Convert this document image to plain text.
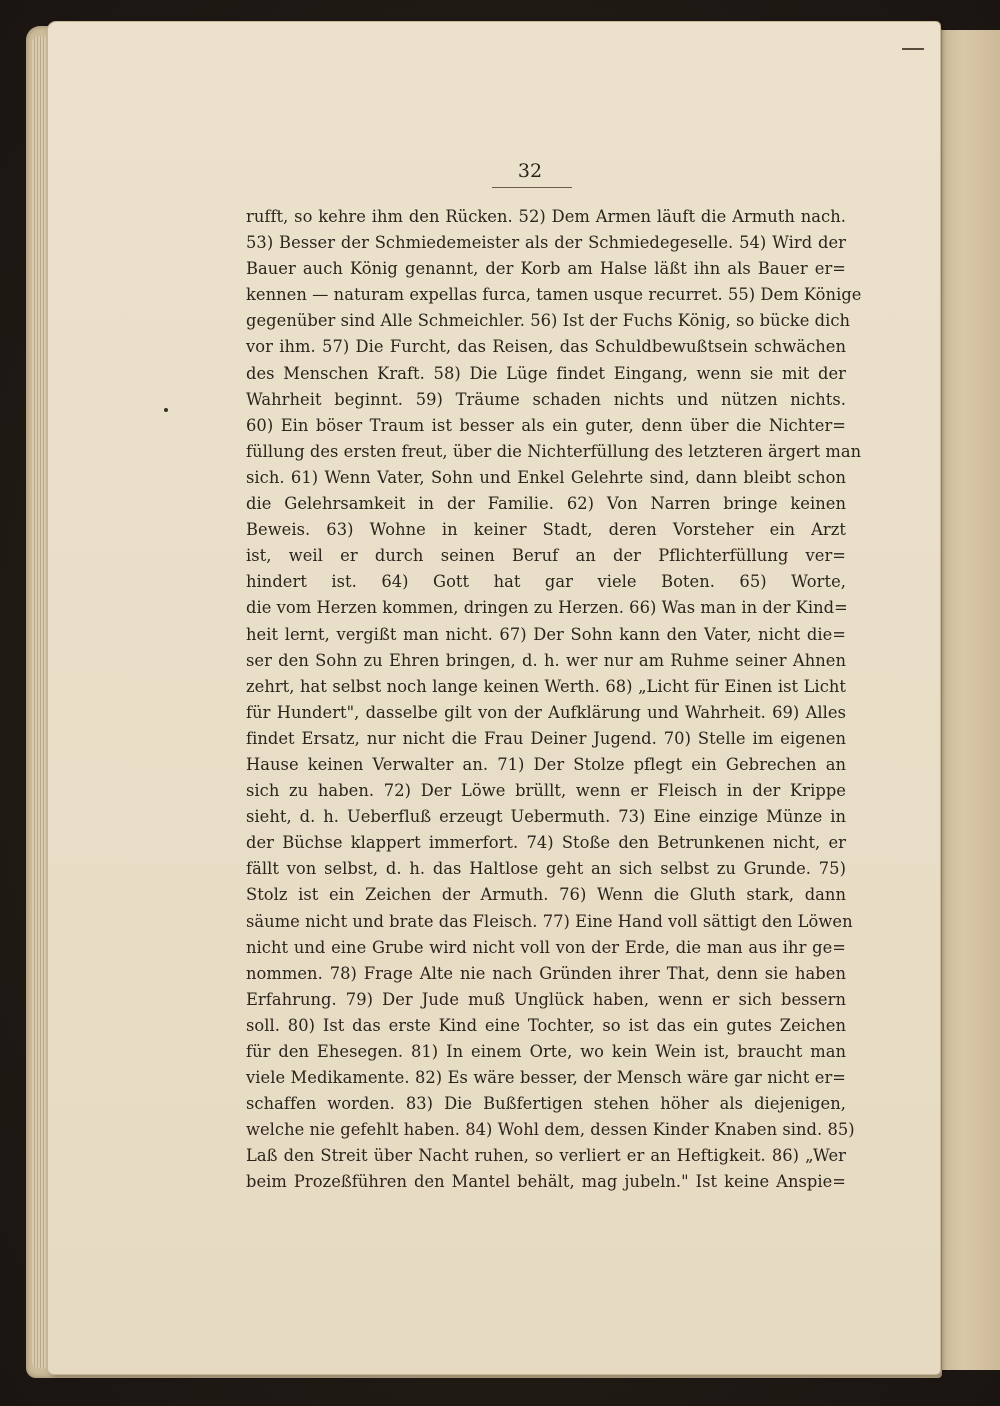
32
rufft, so kehre ihm den Rücken. 52) Dem Armen läuft die Armuth nach.
53) Besser der Schmiedemeister als der Schmiedegeselle. 54) Wird der
Bauer auch König genannt, der Korb am Halse läßt ihn als Bauer er=
kennen — naturam expellas furca, tamen usque recurret. 55) Dem Könige
gegenüber sind Alle Schmeichler. 56) Ist der Fuchs König, so bücke dich
vor ihm. 57) Die Furcht, das Reisen, das Schuldbewußtsein schwächen
des Menschen Kraft. 58) Die Lüge findet Eingang, wenn sie mit der
Wahrheit beginnt. 59) Träume schaden nichts und nützen nichts.
60) Ein böser Traum ist besser als ein guter, denn über die Nichter=
füllung des ersten freut, über die Nichterfüllung des letzteren ärgert man
sich. 61) Wenn Vater, Sohn und Enkel Gelehrte sind, dann bleibt schon
die Gelehrsamkeit in der Familie. 62) Von Narren bringe keinen
Beweis. 63) Wohne in keiner Stadt, deren Vorsteher ein Arzt
ist, weil er durch seinen Beruf an der Pflichterfüllung ver=
hindert ist. 64) Gott hat gar viele Boten. 65) Worte,
die vom Herzen kommen, dringen zu Herzen. 66) Was man in der Kind=
heit lernt, vergißt man nicht. 67) Der Sohn kann den Vater, nicht die=
ser den Sohn zu Ehren bringen, d. h. wer nur am Ruhme seiner Ahnen
zehrt, hat selbst noch lange keinen Werth. 68) „Licht für Einen ist Licht
für Hundert", dasselbe gilt von der Aufklärung und Wahrheit. 69) Alles
findet Ersatz, nur nicht die Frau Deiner Jugend. 70) Stelle im eigenen
Hause keinen Verwalter an. 71) Der Stolze pflegt ein Gebrechen an
sich zu haben. 72) Der Löwe brüllt, wenn er Fleisch in der Krippe
sieht, d. h. Ueberfluß erzeugt Uebermuth. 73) Eine einzige Münze in
der Büchse klappert immerfort. 74) Stoße den Betrunkenen nicht, er
fällt von selbst, d. h. das Haltlose geht an sich selbst zu Grunde. 75)
Stolz ist ein Zeichen der Armuth. 76) Wenn die Gluth stark, dann
säume nicht und brate das Fleisch. 77) Eine Hand voll sättigt den Löwen
nicht und eine Grube wird nicht voll von der Erde, die man aus ihr ge=
nommen. 78) Frage Alte nie nach Gründen ihrer That, denn sie haben
Erfahrung. 79) Der Jude muß Unglück haben, wenn er sich bessern
soll. 80) Ist das erste Kind eine Tochter, so ist das ein gutes Zeichen
für den Ehesegen. 81) In einem Orte, wo kein Wein ist, braucht man
viele Medikamente. 82) Es wäre besser, der Mensch wäre gar nicht er=
schaffen worden. 83) Die Bußfertigen stehen höher als diejenigen,
welche nie gefehlt haben. 84) Wohl dem, dessen Kinder Knaben sind. 85)
Laß den Streit über Nacht ruhen, so verliert er an Heftigkeit. 86) „Wer
beim Prozeßführen den Mantel behält, mag jubeln." Ist keine Anspie=
